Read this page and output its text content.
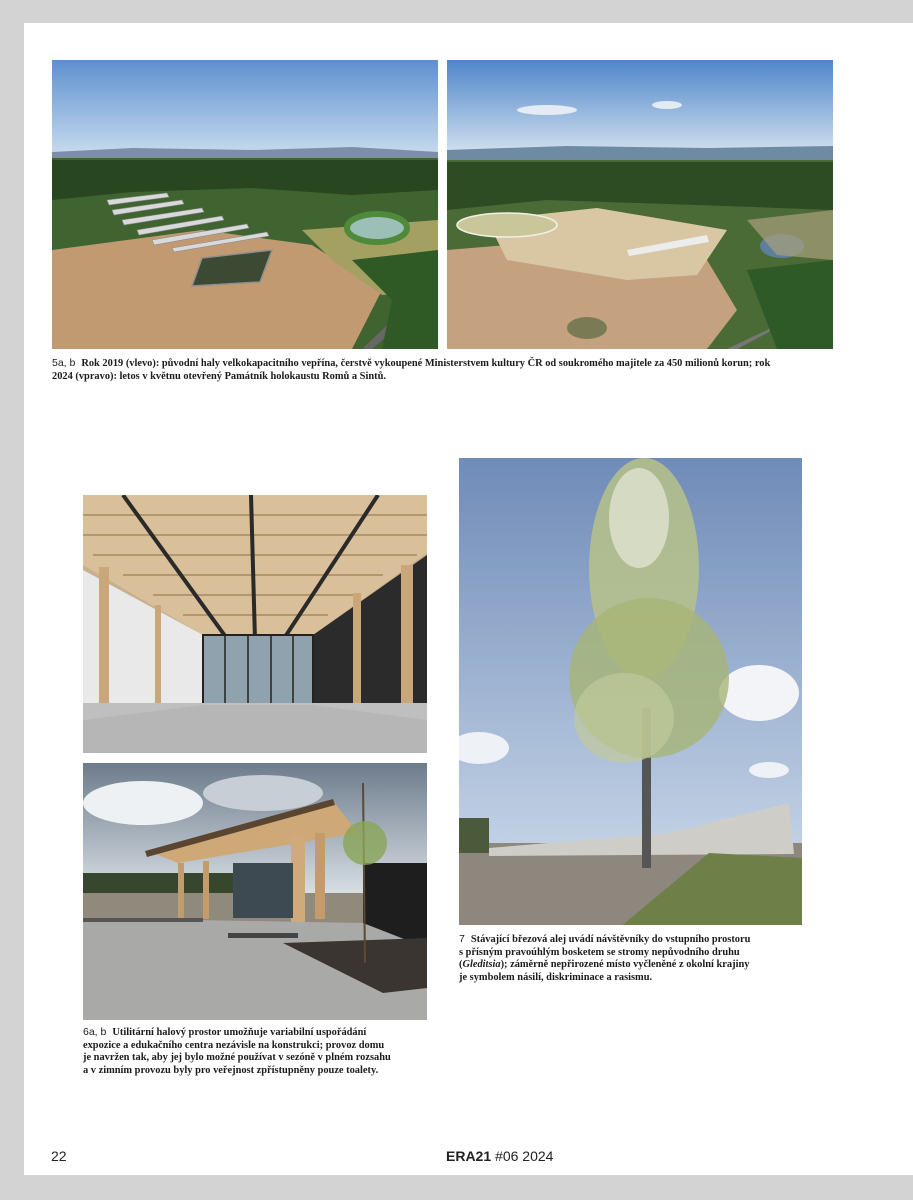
5a, b Rok 2019 (vlevo): původní haly velkokapacitního vepřína, čerstvě vykoupené Ministerstvem kultury ČR od soukromého majitele za 450 milionů korun; rok
2024 (vpravo): letos v květnu otevřený Památník holokaustu Romů a Sintů.
6a, b Utilitární halový prostor umožňuje variabilní uspořádání
expozice a edukačního centra nezávisle na konstrukci; provoz domu
je navržen tak, aby jej bylo možné používat v sezóně v plném rozsahu
a v zimním provozu byly pro veřejnost zpřístupněny pouze toalety.
7 Stávající březová alej uvádí návštěvníky do vstupního prostoru
s přísným pravoúhlým bosketem se stromy nepůvodního druhu
(Gleditsia); záměrně nepřirozené místo vyčleněné z okolní krajiny
je symbolem násilí, diskriminace a rasismu.
22	ERA21 #06 2024
